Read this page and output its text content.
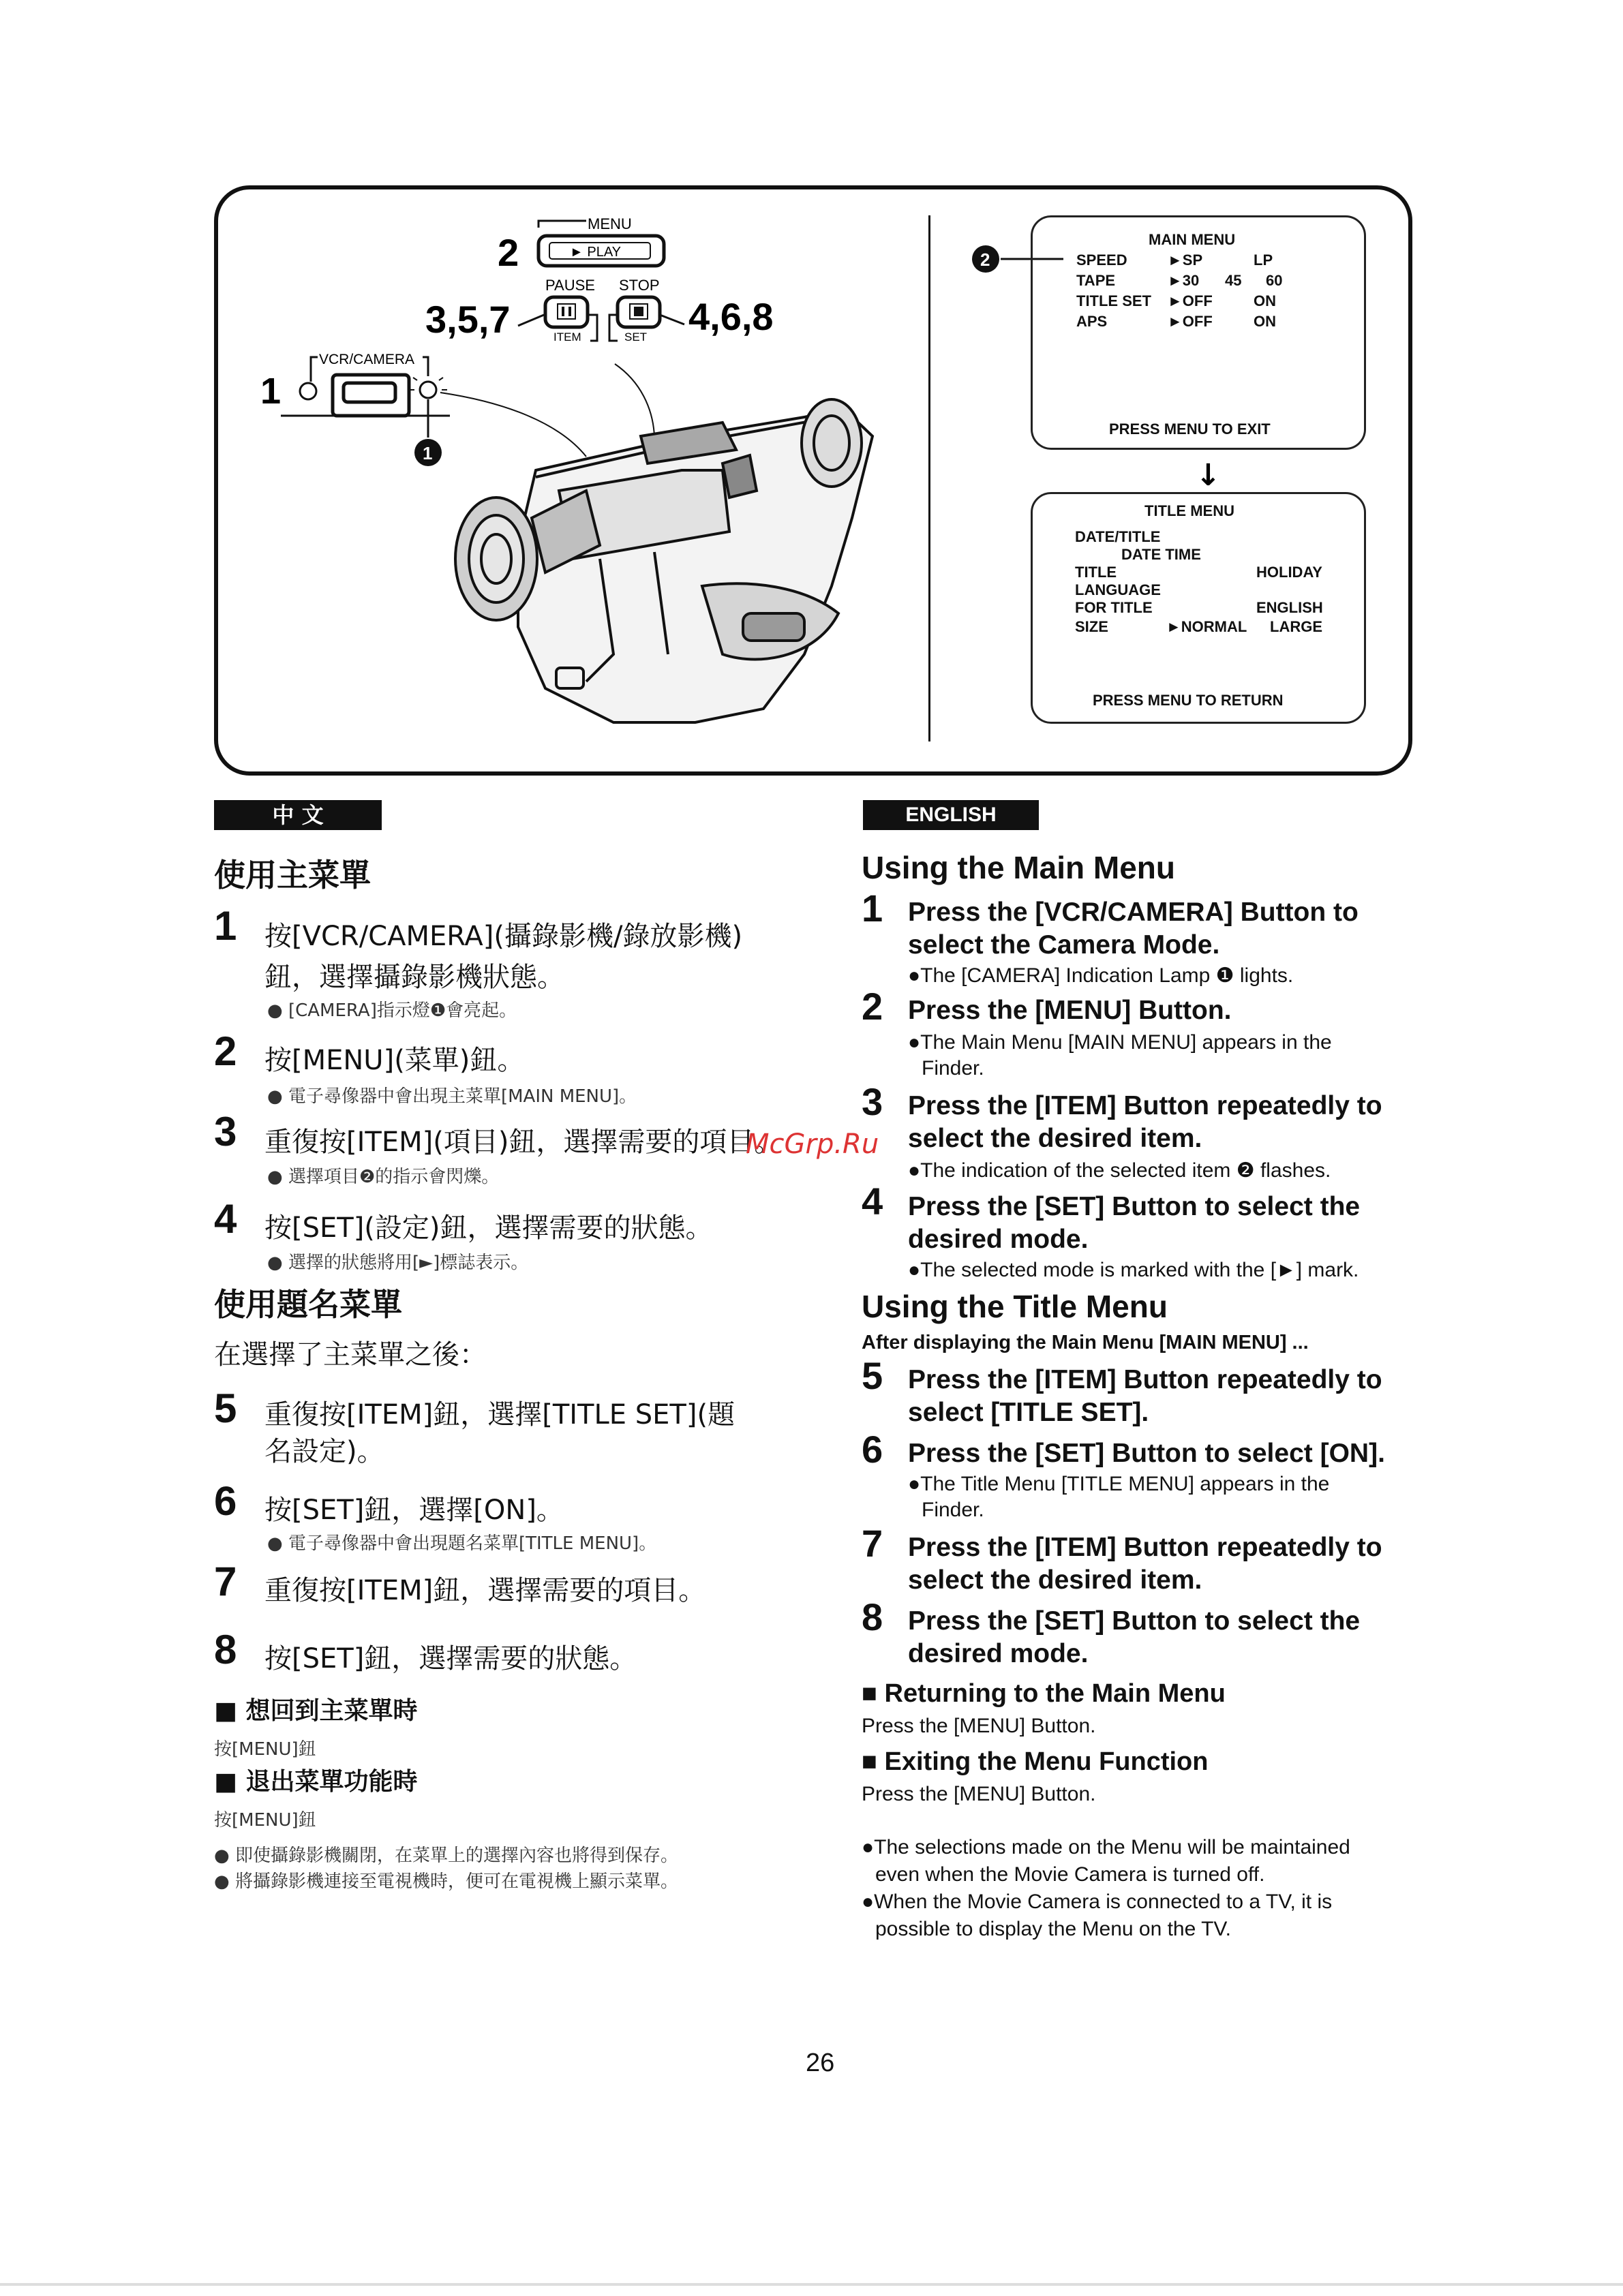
MENU
► PLAY
2
PAUSE STOP
ITEM	SET
3,5,7	4,6,8
VCR/CAMERA
1
1
2
↓
MAIN MENU
SPEED	►SP	LP
TAPE	►30 45 60
TITLE SET ►OFF	ON
APS	►OFF	ON
PRESS MENU TO EXIT
TITLE MENU
DATE/TITLE
DATE TIME
TITLE	HOLIDAY
LANGUAGE
FOR TITLE	ENGLISH
SIZE	►NORMAL LARGE
PRESS MENU TO RETURN
中 文
使用主菜單
1 按[VCR/CAMERA](攝錄影機/錄放影機)
鈕，選擇攝錄影機狀態。
● [CAMERA]指示燈❶會亮起。
2 按[MENU](菜單)鈕。
● 電子尋像器中會出現主菜單[MAIN MENU]。
3 重復按[ITEM](項目)鈕，選擇需要的項目。
● 選擇項目❷的指示會閃爍。
4 按[SET](設定)鈕，選擇需要的狀態。
● 選擇的狀態將用[►]標誌表示。
使用題名菜單
在選擇了主菜單之後：
5 重復按[ITEM]鈕，選擇[TITLE SET](題
名設定)。
6 按[SET]鈕，選擇[ON]。
● 電子尋像器中會出現題名菜單[TITLE MENU]。
7 重復按[ITEM]鈕，選擇需要的項目。
8 按[SET]鈕，選擇需要的狀態。
■ 想回到主菜單時
按[MENU]鈕
■ 退出菜單功能時
按[MENU]鈕
● 即使攝錄影機關閉，在菜單上的選擇內容也將得到保存。
● 將攝錄影機連接至電視機時，便可在電視機上顯示菜單。
McGrp.Ru
ENGLISH
Using the Main Menu
1 Press the [VCR/CAMERA] Button to
select the Camera Mode.
●The [CAMERA] Indication Lamp ❶ lights.
2 Press the [MENU] Button.
●The Main Menu [MAIN MENU] appears in the
Finder.
3 Press the [ITEM] Button repeatedly to
select the desired item.
●The indication of the selected item ❷ flashes.
4 Press the [SET] Button to select the
desired mode.
●The selected mode is marked with the [►] mark.
Using the Title Menu
After displaying the Main Menu [MAIN MENU] ...
5 Press the [ITEM] Button repeatedly to
select [TITLE SET].
6 Press the [SET] Button to select [ON].
●The Title Menu [TITLE MENU] appears in the
Finder.
7 Press the [ITEM] Button repeatedly to
select the desired item.
8 Press the [SET] Button to select the
desired mode.
■ Returning to the Main Menu
Press the [MENU] Button.
■ Exiting the Menu Function
Press the [MENU] Button.
●The selections made on the Menu will be maintained
even when the Movie Camera is turned off.
●When the Movie Camera is connected to a TV, it is
possible to display the Menu on the TV.
26
